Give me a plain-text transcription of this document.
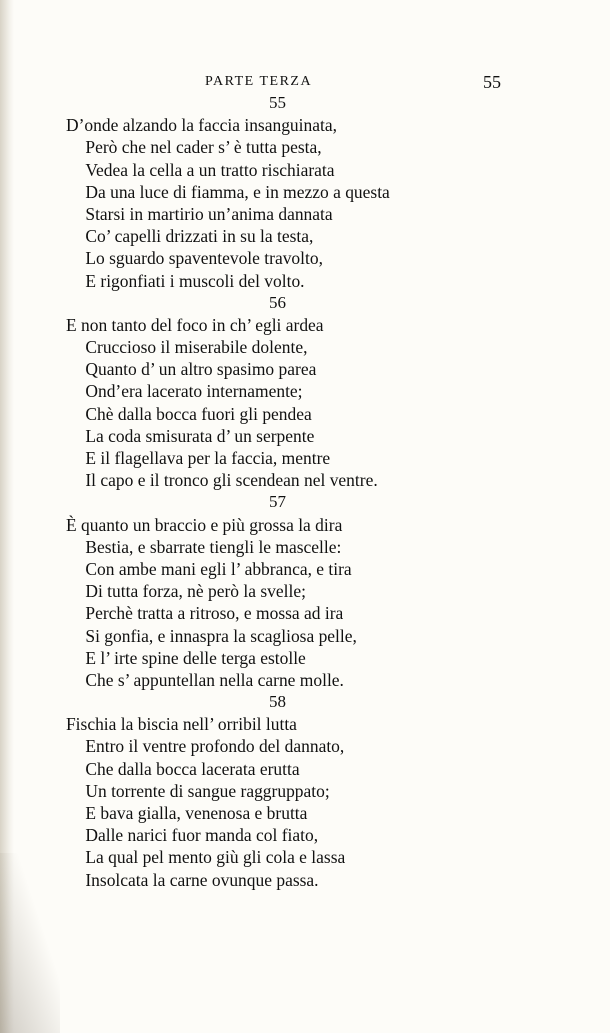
PARTE TERZA	55
55
D’onde alzando la faccia insanguinata,
Però che nel cader s’ è tutta pesta,
Vedea la cella a un tratto rischiarata
Da una luce di fiamma, e in mezzo a questa
Starsi in martirio un’anima dannata
Co’ capelli drizzati in su la testa,
Lo sguardo spaventevole travolto,
E rigonfiati i muscoli del volto.
56
E non tanto del foco in ch’ egli ardea
Cruccioso il miserabile dolente,
Quanto d’ un altro spasimo parea
Ond’era lacerato internamente;
Chè dalla bocca fuori gli pendea
La coda smisurata d’ un serpente
E il flagellava per la faccia, mentre
Il capo e il tronco gli scendean nel ventre.
57
È quanto un braccio e più grossa la dira
Bestia, e sbarrate tiengli le mascelle:
Con ambe mani egli l’ abbranca, e tira
Di tutta forza, nè però la svelle;
Perchè tratta a ritroso, e mossa ad ira
Si gonfia, e innaspra la scagliosa pelle,
E l’ irte spine delle terga estolle
Che s’ appuntellan nella carne molle.
58
Fischia la biscia nell’ orribil lutta
Entro il ventre profondo del dannato,
Che dalla bocca lacerata erutta
Un torrente di sangue raggruppato;
E bava gialla, venenosa e brutta
Dalle narici fuor manda col fiato,
La qual pel mento giù gli cola e lassa
Insolcata la carne ovunque passa.
